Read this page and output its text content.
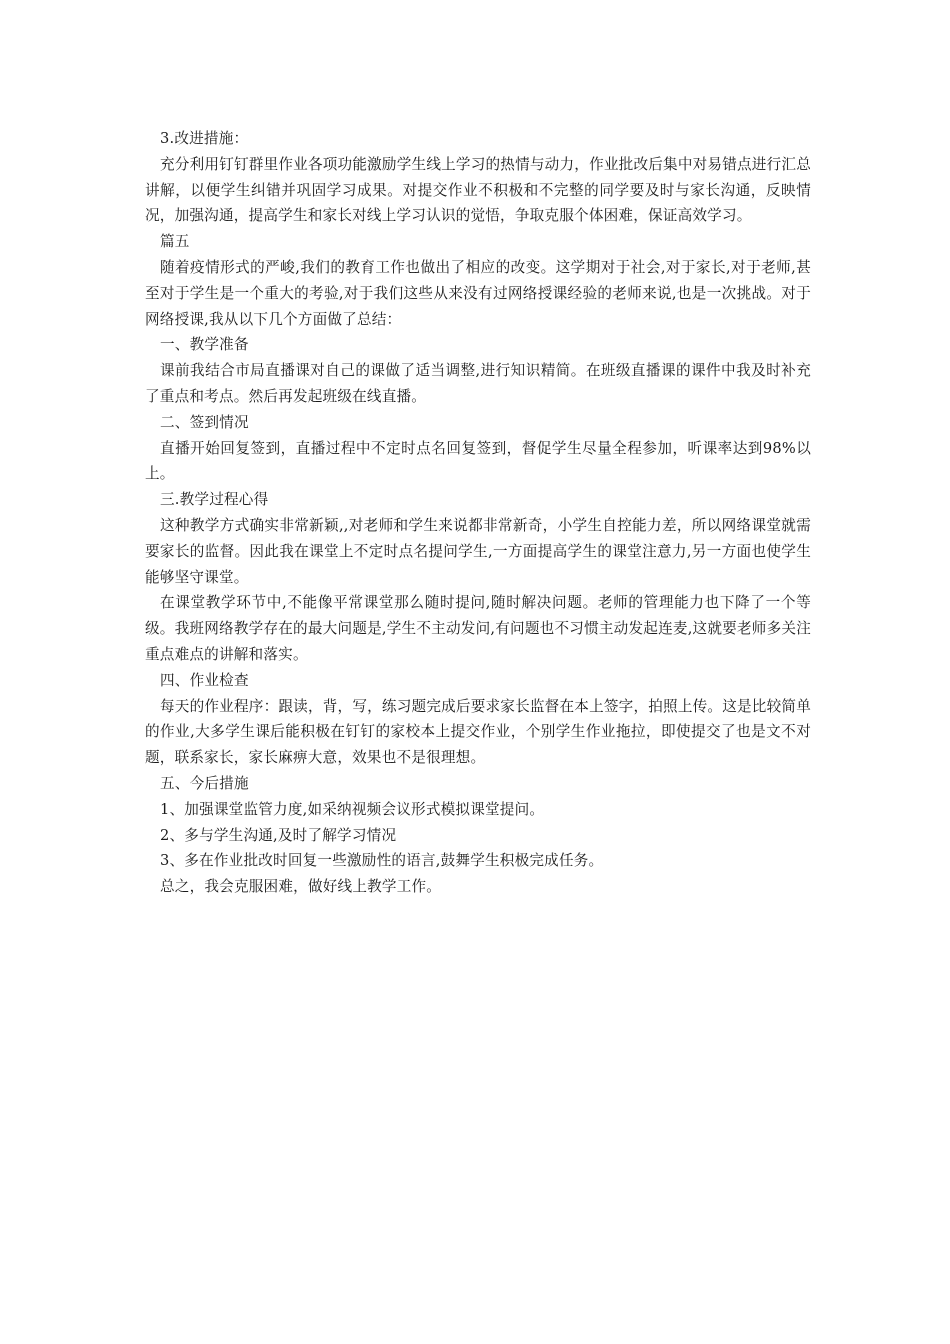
3.改进措施：

充分利用钉钉群里作业各项功能激励学生线上学习的热情与动力，作业批改后集中对易错点进行汇总讲解，以便学生纠错并巩固学习成果。对提交作业不积极和不完整的同学要及时与家长沟通，反映情况，加强沟通，提高学生和家长对线上学习认识的觉悟，争取克服个体困难，保证高效学习。

篇五

随着疫情形式的严峻,我们的教育工作也做出了相应的改变。这学期对于社会,对于家长,对于老师,甚至对于学生是一个重大的考验,对于我们这些从来没有过网络授课经验的老师来说,也是一次挑战。对于网络授课,我从以下几个方面做了总结：

一、教学准备

课前我结合市局直播课对自己的课做了适当调整,进行知识精简。在班级直播课的课件中我及时补充了重点和考点。然后再发起班级在线直播。

二、签到情况

直播开始回复签到，直播过程中不定时点名回复签到，督促学生尽量全程参加，听课率达到98%以上。

三.教学过程心得

这种教学方式确实非常新颖,,对老师和学生来说都非常新奇，小学生自控能力差，所以网络课堂就需要家长的监督。因此我在课堂上不定时点名提问学生,一方面提高学生的课堂注意力,另一方面也使学生能够坚守课堂。

在课堂教学环节中,不能像平常课堂那么随时提问,随时解决问题。老师的管理能力也下降了一个等级。我班网络教学存在的最大问题是,学生不主动发问,有问题也不习惯主动发起连麦,这就要老师多关注重点难点的讲解和落实。

四、作业检查

每天的作业程序：跟读，背，写，练习题完成后要求家长监督在本上签字，拍照上传。这是比较简单的作业,大多学生课后能积极在钉钉的家校本上提交作业，个别学生作业拖拉，即使提交了也是文不对题，联系家长，家长麻痹大意，效果也不是很理想。

五、今后措施

1、加强课堂监管力度,如采纳视频会议形式模拟课堂提问。

2、多与学生沟通,及时了解学习情况

3、多在作业批改时回复一些激励性的语言,鼓舞学生积极完成任务。

总之，我会克服困难，做好线上教学工作。
